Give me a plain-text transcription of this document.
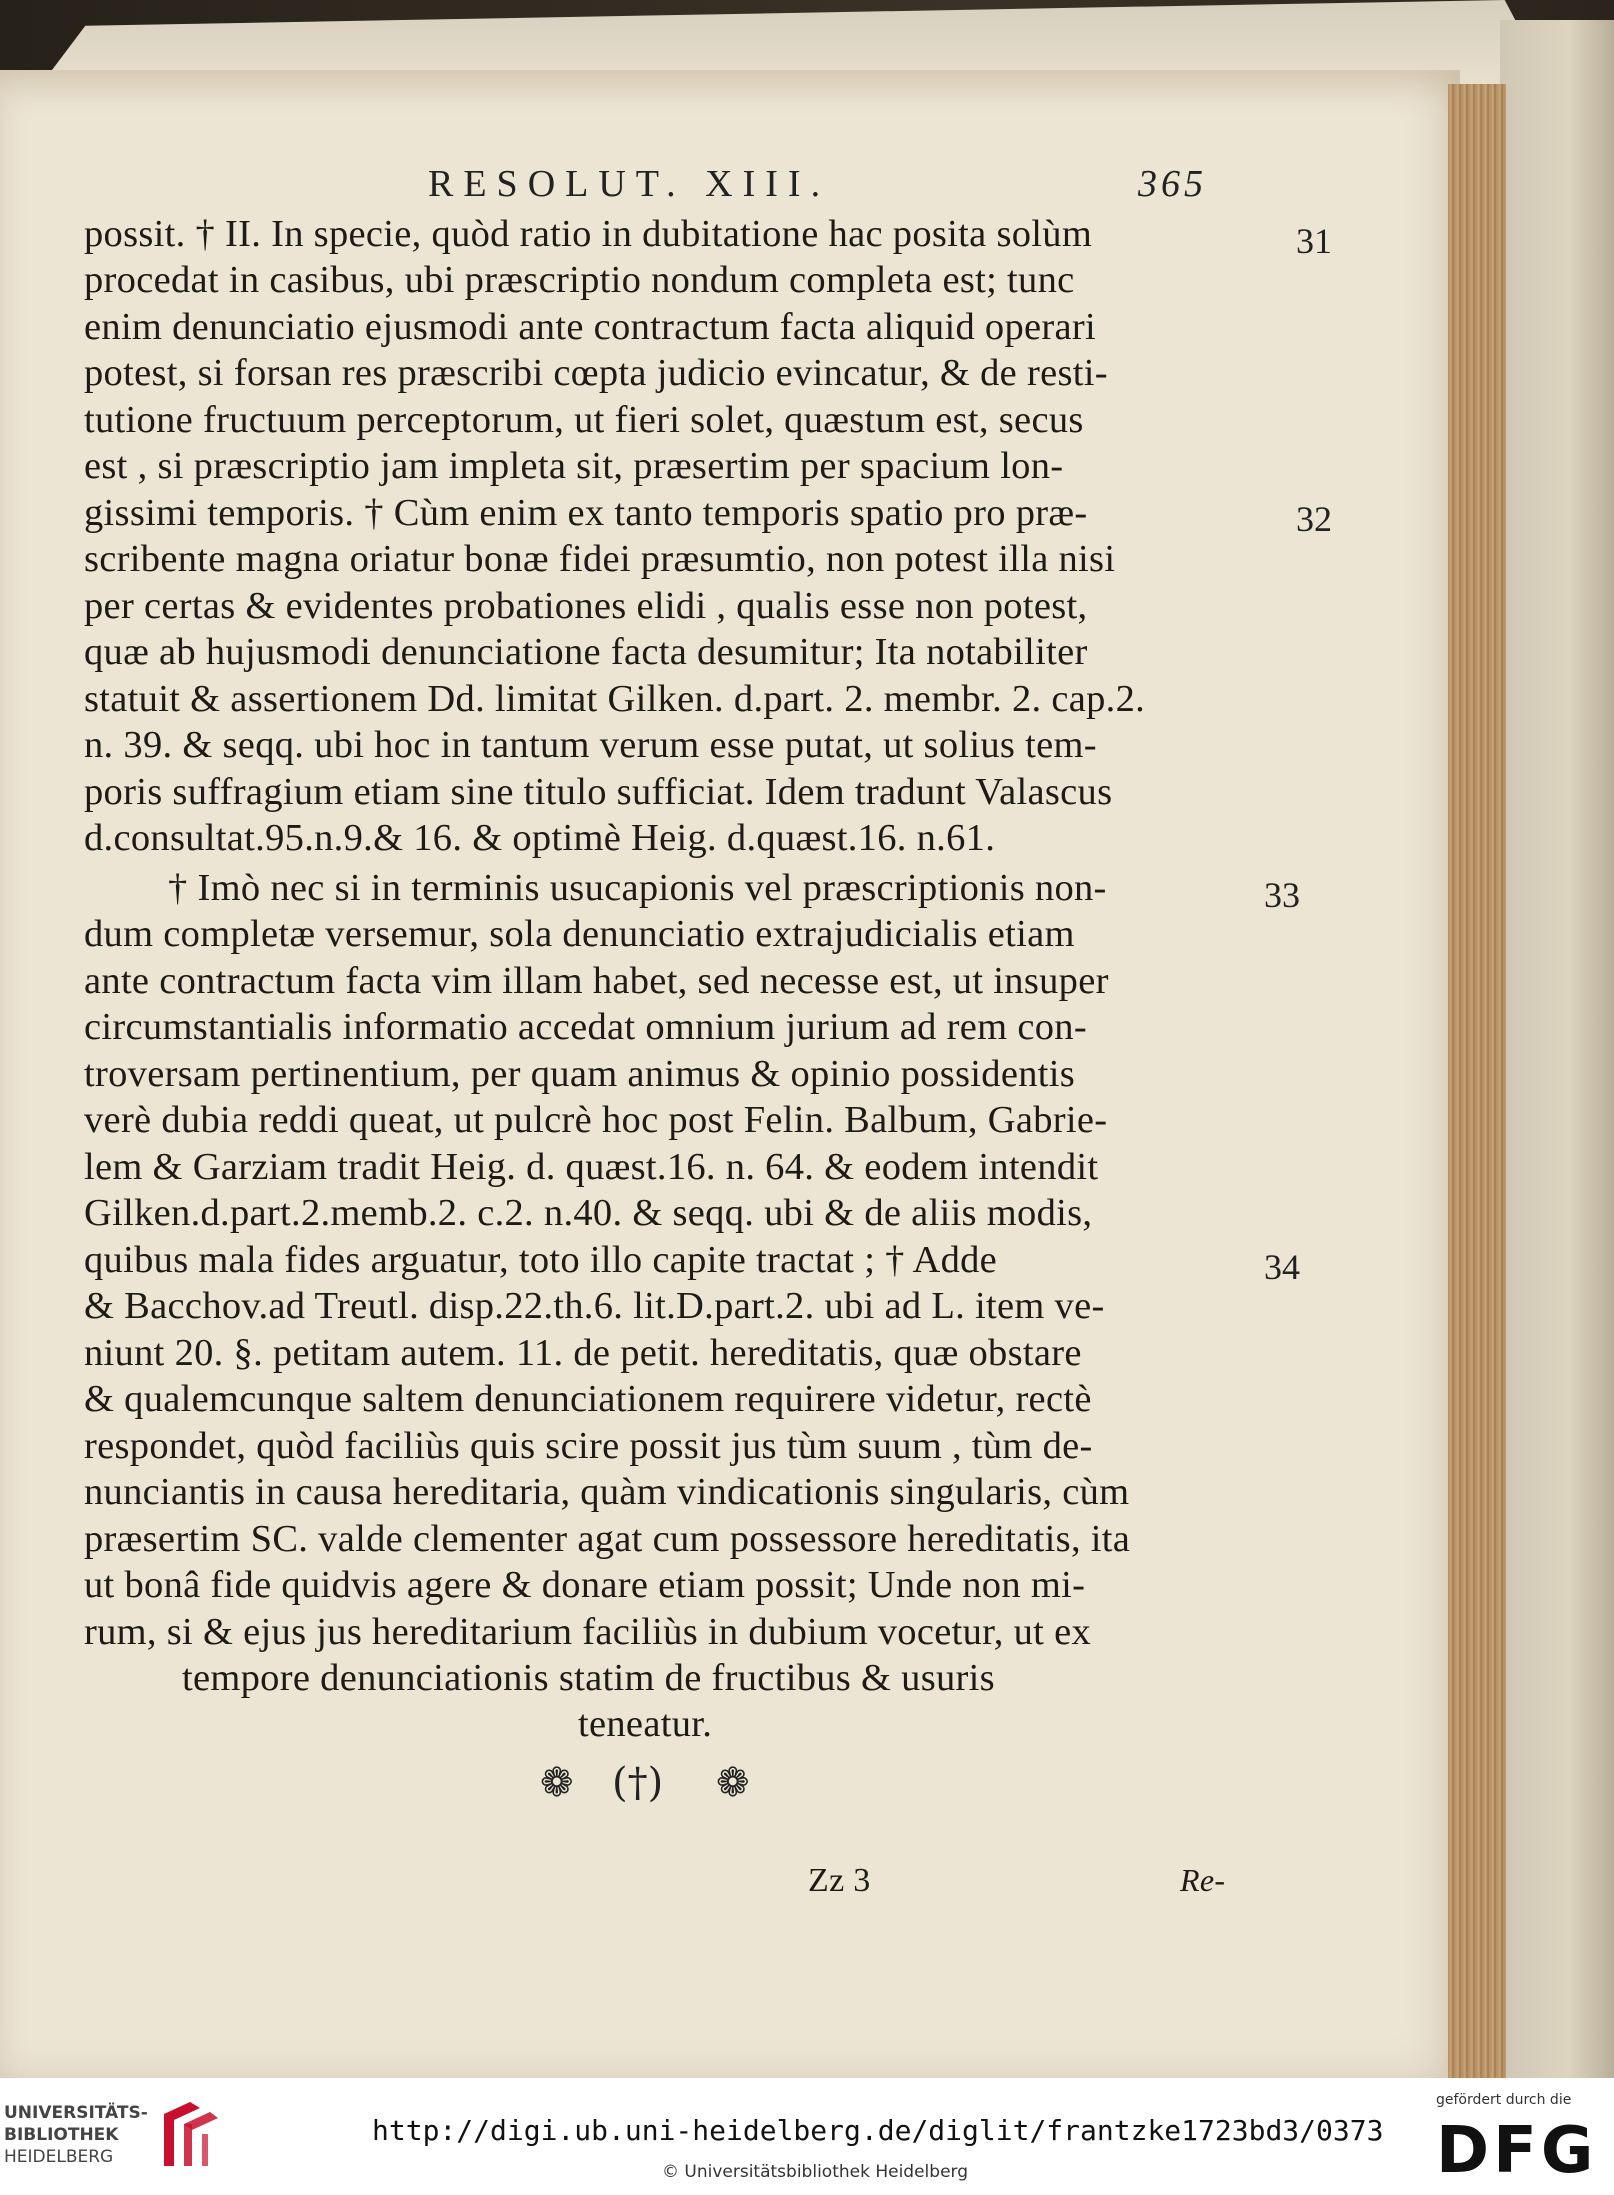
RESOLUT. XIII.	365
possit. † II. In specie, quòd ratio in dubitatione hac posita solùm
procedat in casibus, ubi præscriptio nondum completa est; tunc
enim denunciatio ejusmodi ante contractum facta aliquid operari
potest, si forsan res præscribi cœpta judicio evincatur, & de resti-
tutione fructuum perceptorum, ut fieri solet, quæstum est, secus
est , si præscriptio jam impleta sit, præsertim per spacium lon-
gissimi temporis. † Cùm enim ex tanto temporis spatio pro præ-
scribente magna oriatur bonæ fidei præsumtio, non potest illa nisi
per certas & evidentes probationes elidi , qualis esse non potest,
quæ ab hujusmodi denunciatione facta desumitur; Ita notabiliter
statuit & assertionem Dd. limitat Gilken. d.part. 2. membr. 2. cap.2.
n. 39. & seqq. ubi hoc in tantum verum esse putat, ut solius tem-
poris suffragium etiam sine titulo sufficiat. Idem tradunt Valascus
d.consultat.95.n.9.& 16. & optimè Heig. d.quæst.16. n.61.
† Imò nec si in terminis usucapionis vel præscriptionis non-
dum completæ versemur, sola denunciatio extrajudicialis etiam
ante contractum facta vim illam habet, sed necesse est, ut insuper
circumstantialis informatio accedat omnium jurium ad rem con-
troversam pertinentium, per quam animus & opinio possidentis
verè dubia reddi queat, ut pulcrè hoc post Felin. Balbum, Gabrie-
lem & Garziam tradit Heig. d. quæst.16. n. 64. & eodem intendit
Gilken.d.part.2.memb.2. c.2. n.40. & seqq. ubi & de aliis modis,
quibus mala fides arguatur, toto illo capite tractat ; † Adde
& Bacchov.ad Treutl. disp.22.th.6. lit.D.part.2. ubi ad L. item ve-
niunt 20. §. petitam autem. 11. de petit. hereditatis, quæ obstare
& qualemcunque saltem denunciationem requirere videtur, rectè
respondet, quòd faciliùs quis scire possit jus tùm suum , tùm de-
nunciantis in causa hereditaria, quàm vindicationis singularis, cùm
præsertim SC. valde clementer agat cum possessore hereditatis, ita
ut bonâ fide quidvis agere & donare etiam possit; Unde non mi-
rum, si & ejus jus hereditarium faciliùs in dubium vocetur, ut ex
tempore denunciationis statim de fructibus & usuris
teneatur.
31
32
33
34
❁ (†) ❁
Zz 3	Re-
UNIVERSITÄTS-
BIBLIOTHEK
HEIDELBERG
http://digi.ub.uni-heidelberg.de/diglit/frantzke1723bd3/0373
© Universitätsbibliothek Heidelberg
gefördert durch die
DFG
